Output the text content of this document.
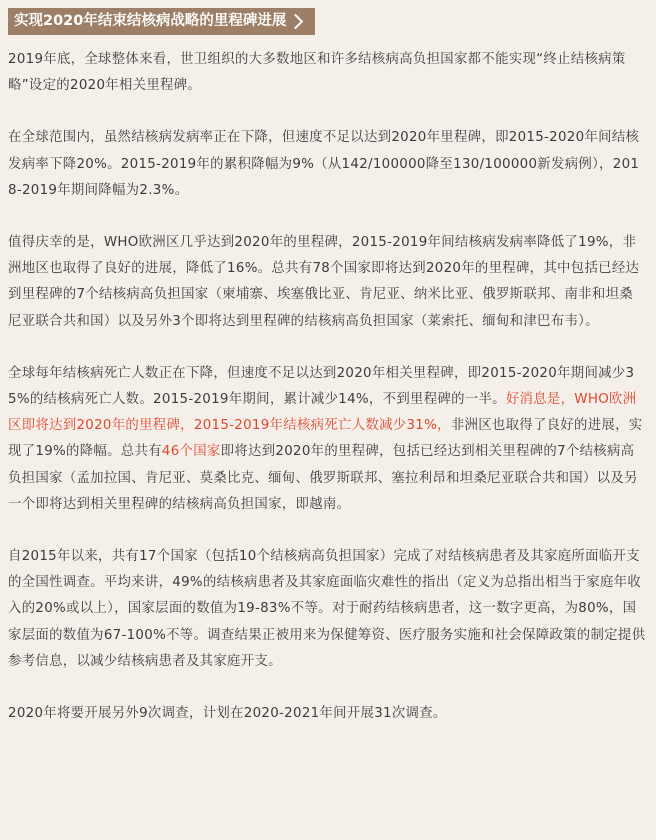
实现2020年结束结核病战略的里程碑进展

2019年底，全球整体来看，世卫组织的大多数地区和许多结核病高负担国家都不能实现“终止结核病策略”设定的2020年相关里程碑。

在全球范围内，虽然结核病发病率正在下降，但速度不足以达到2020年里程碑，即2015-2020年间结核发病率下降20%。2015-2019年的累积降幅为9%（从142/100000降至130/100000新发病例），2018-2019年期间降幅为2.3%。

值得庆幸的是，WHO欧洲区几乎达到2020年的里程碑，2015-2019年间结核病发病率降低了19%，非洲地区也取得了良好的进展，降低了16%。总共有78个国家即将达到2020年的里程碑，其中包括已经达到里程碑的7个结核病高负担国家（柬埔寨、埃塞俄比亚、肯尼亚、纳米比亚、俄罗斯联邦、南非和坦桑尼亚联合共和国）以及另外3个即将达到里程碑的结核病高负担国家（莱索托、缅甸和津巴布韦）。

全球每年结核病死亡人数正在下降，但速度不足以达到2020年相关里程碑，即2015-2020年期间减少35%的结核病死亡人数。2015-2019年期间，累计减少14%，不到里程碑的一半。好消息是，WHO欧洲区即将达到2020年的里程碑，2015-2019年结核病死亡人数减少31%，非洲区也取得了良好的进展，实现了19%的降幅。总共有46个国家即将达到2020年的里程碑，包括已经达到相关里程碑的7个结核病高负担国家（孟加拉国、肯尼亚、莫桑比克、缅甸、俄罗斯联邦、塞拉利昂和坦桑尼亚联合共和国）以及另一个即将达到相关里程碑的结核病高负担国家，即越南。

自2015年以来，共有17个国家（包括10个结核病高负担国家）完成了对结核病患者及其家庭所面临开支的全国性调查。平均来讲，49%的结核病患者及其家庭面临灾难性的指出（定义为总指出相当于家庭年收入的20%或以上），国家层面的数值为19-83%不等。对于耐药结核病患者，这一数字更高，为80%，国家层面的数值为67-100%不等。调查结果正被用来为保健筹资、医疗服务实施和社会保障政策的制定提供参考信息，以减少结核病患者及其家庭开支。

2020年将要开展另外9次调查，计划在2020-2021年间开展31次调查。
